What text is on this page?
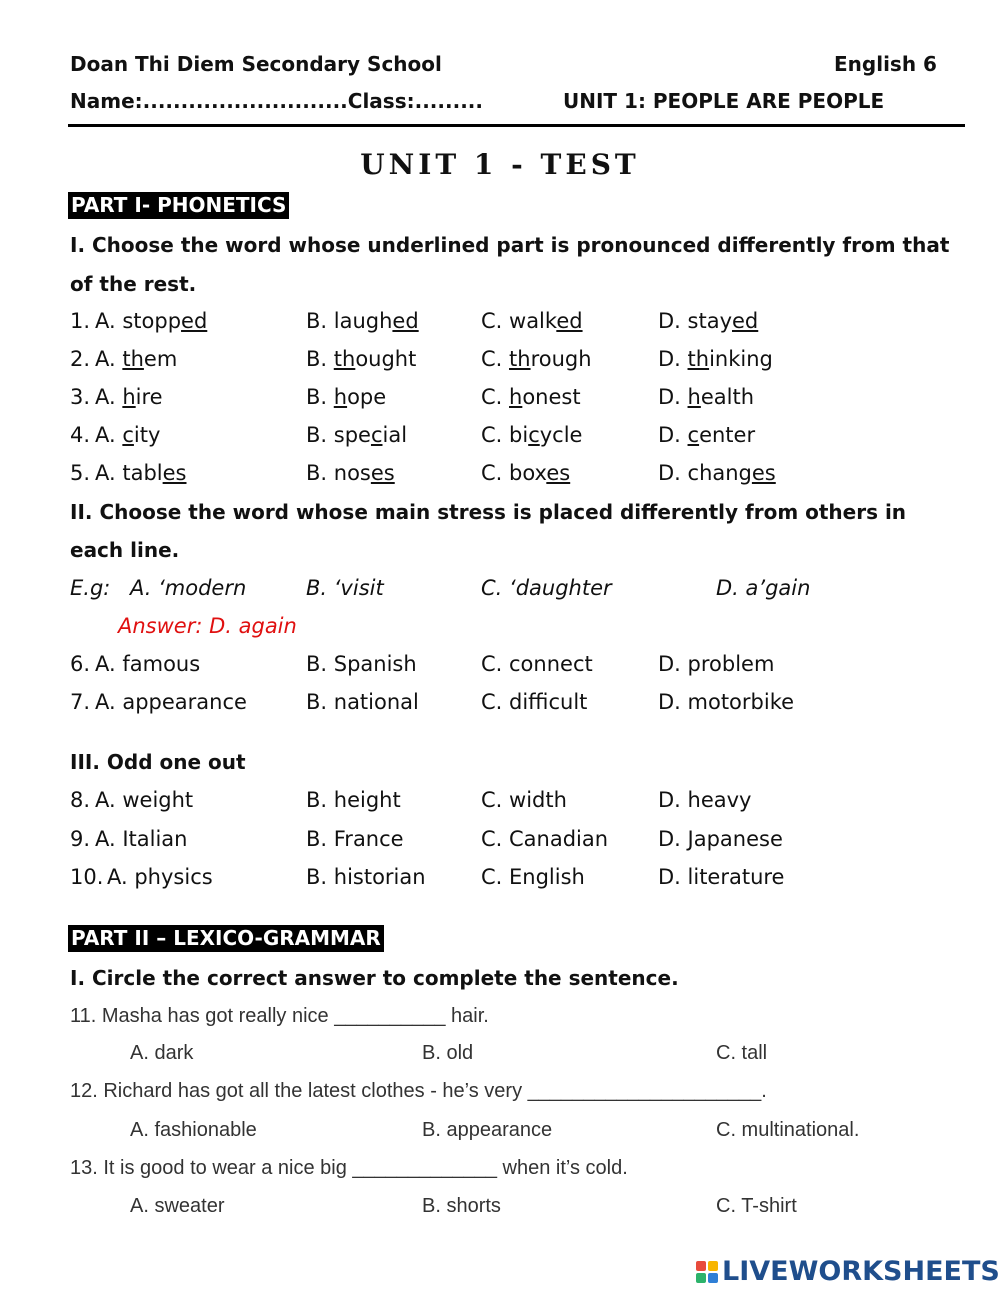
Doan Thi Diem Secondary School	English 6
Name:...........................Class:.........	UNIT 1: PEOPLE ARE PEOPLE
UNIT 1 - TEST
PART I- PHONETICS
I. Choose the word whose underlined part is pronounced differently from that
of the rest.
1. A. stopped	B. laughed	C. walked	D. stayed
2. A. them	B. thought	C. through	D. thinking
3. A. hire	B. hope	C. honest	D. health
4. A. city	B. special	C. bicycle	D. center
5. A. tables	B. noses	C. boxes	D. changes
II. Choose the word whose main stress is placed differently from others in
each line.
E.g: A. ‘modern	B. ‘visit	C. ‘daughter	D. a’gain
Answer: D. again
6. A. famous	B. Spanish	C. connect	D. problem
7. A. appearance	B. national	C. difficult	D. motorbike
III. Odd one out
8. A. weight	B. height	C. width	D. heavy
9. A. Italian	B. France	C. Canadian D. Japanese
10. A. physics	B. historian	C. English	D. literature
PART II – LEXICO-GRAMMAR
I. Circle the correct answer to complete the sentence.
11. Masha has got really nice __________ hair.
A. dark	B. old	C. tall
12. Richard has got all the latest clothes - he’s very _____________________.
A. fashionable	B. appearance	C. multinational.
13. It is good to wear a nice big _____________ when it’s cold.
A. sweater	B. shorts	C. T-shirt
LIVEWORKSHEETS
